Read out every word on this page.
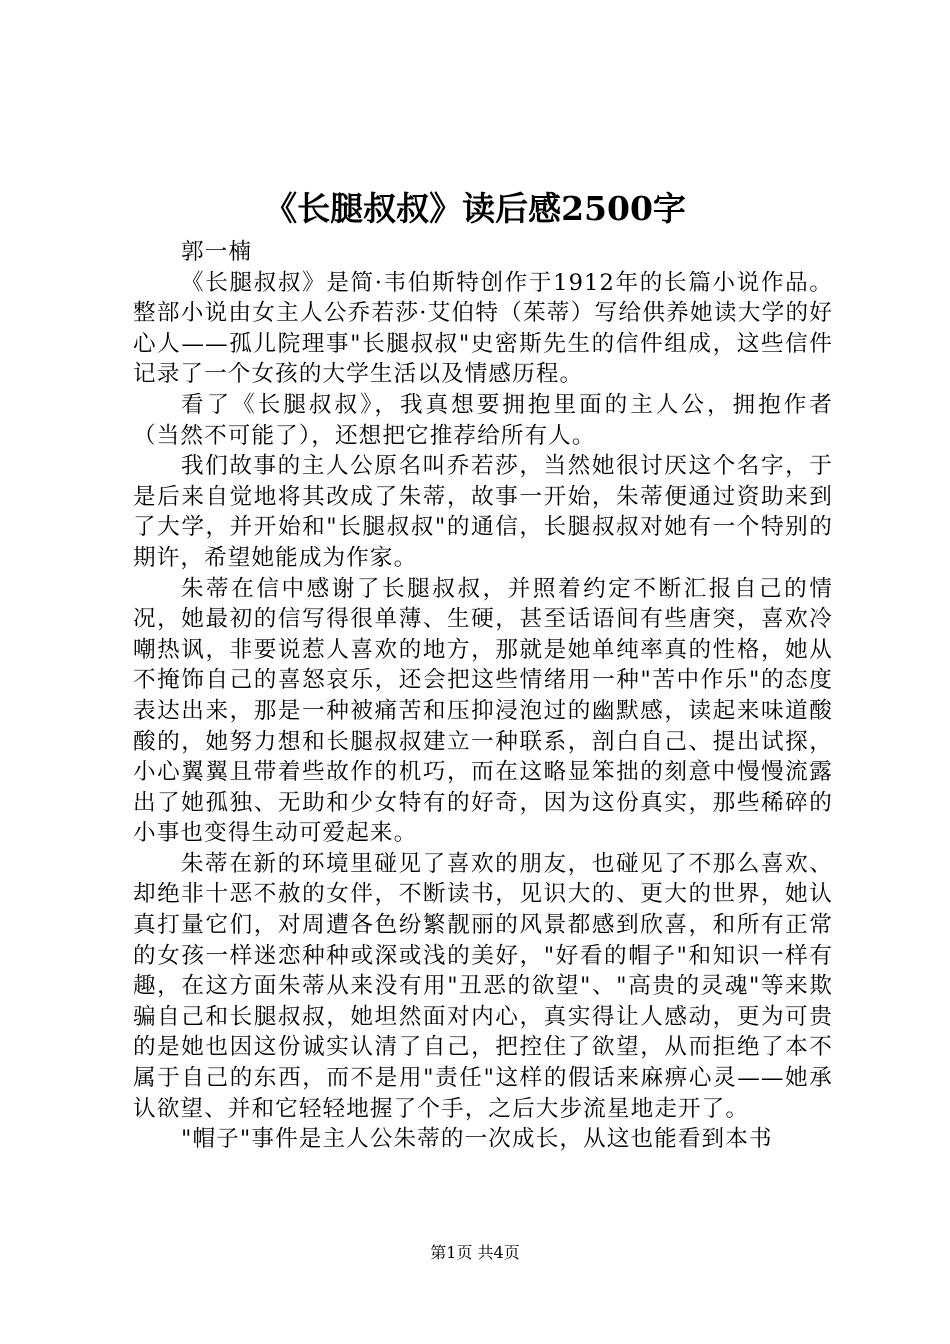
《长腿叔叔》读后感2500字

郭一楠

《长腿叔叔》是简·韦伯斯特创作于1912年的长篇小说作品。整部小说由女主人公乔若莎·艾伯特（茱蒂）写给供养她读大学的好心人——孤儿院理事"长腿叔叔"史密斯先生的信件组成，这些信件记录了一个女孩的大学生活以及情感历程。

看了《长腿叔叔》，我真想要拥抱里面的主人公，拥抱作者（当然不可能了），还想把它推荐给所有人。

我们故事的主人公原名叫乔若莎，当然她很讨厌这个名字，于是后来自觉地将其改成了朱蒂，故事一开始，朱蒂便通过资助来到了大学，并开始和"长腿叔叔"的通信，长腿叔叔对她有一个特别的期许，希望她能成为作家。

朱蒂在信中感谢了长腿叔叔，并照着约定不断汇报自己的情况，她最初的信写得很单薄、生硬，甚至话语间有些唐突，喜欢冷嘲热讽，非要说惹人喜欢的地方，那就是她单纯率真的性格，她从不掩饰自己的喜怒哀乐，还会把这些情绪用一种"苦中作乐"的态度表达出来，那是一种被痛苦和压抑浸泡过的幽默感，读起来味道酸酸的，她努力想和长腿叔叔建立一种联系，剖白自己、提出试探，小心翼翼且带着些故作的机巧，而在这略显笨拙的刻意中慢慢流露出了她孤独、无助和少女特有的好奇，因为这份真实，那些稀碎的小事也变得生动可爱起来。

朱蒂在新的环境里碰见了喜欢的朋友，也碰见了不那么喜欢、却绝非十恶不赦的女伴，不断读书，见识大的、更大的世界，她认真打量它们，对周遭各色纷繁靓丽的风景都感到欣喜，和所有正常的女孩一样迷恋种种或深或浅的美好，"好看的帽子"和知识一样有趣，在这方面朱蒂从来没有用"丑恶的欲望"、"高贵的灵魂"等来欺骗自己和长腿叔叔，她坦然面对内心，真实得让人感动，更为可贵的是她也因这份诚实认清了自己，把控住了欲望，从而拒绝了本不属于自己的东西，而不是用"责任"这样的假话来麻痹心灵——她承认欲望、并和它轻轻地握了个手，之后大步流星地走开了。

"帽子"事件是主人公朱蒂的一次成长，从这也能看到本书

第1页 共4页
